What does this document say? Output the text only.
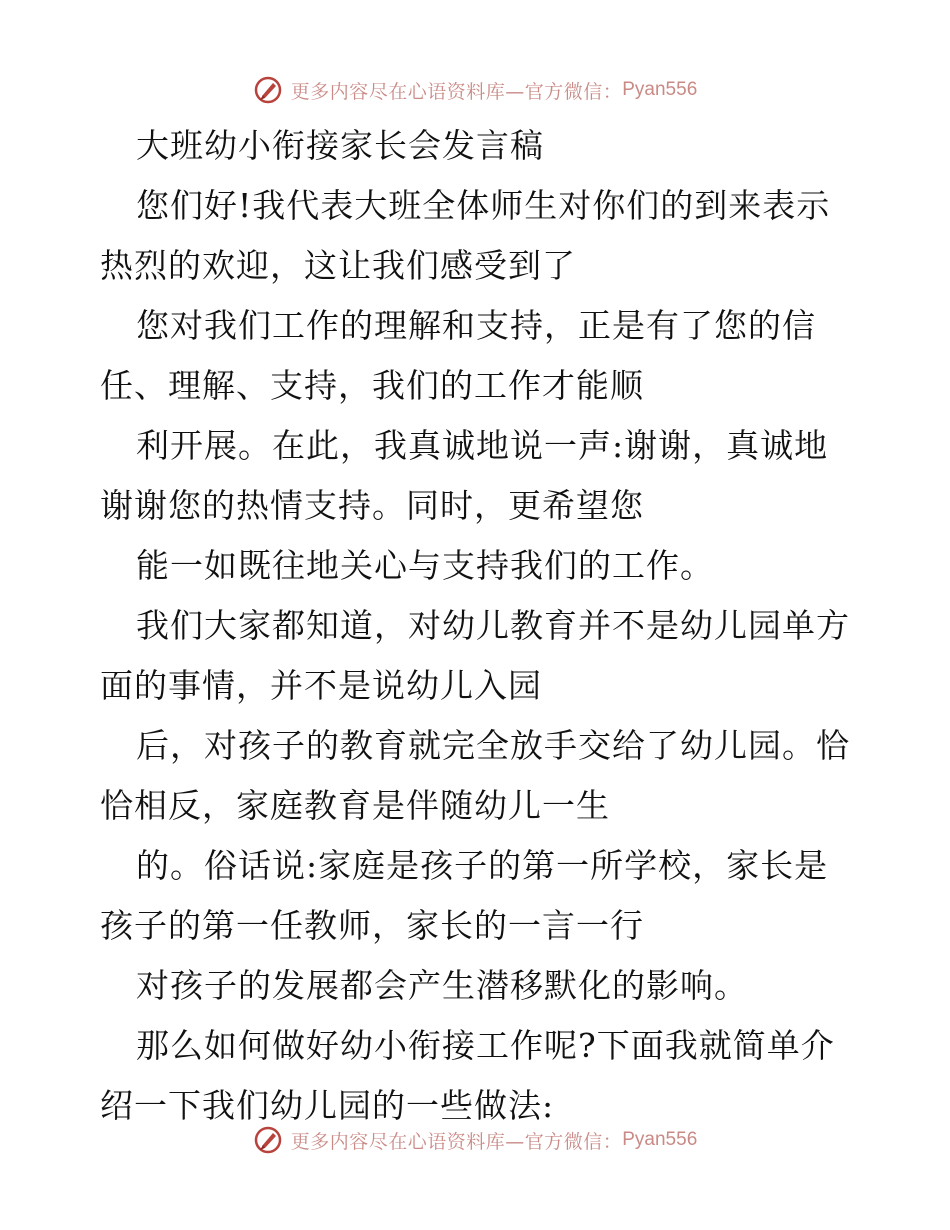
更多内容尽在心语资料库—官方微信： Pyan556
大班幼小衔接家长会发言稿
您们好!我代表大班全体师生对你们的到来表示
热烈的欢迎，这让我们感受到了
您对我们工作的理解和支持，正是有了您的信
任、理解、支持，我们的工作才能顺
利开展。在此，我真诚地说一声:谢谢，真诚地
谢谢您的热情支持。同时，更希望您
能一如既往地关心与支持我们的工作。
我们大家都知道，对幼儿教育并不是幼儿园单方
面的事情，并不是说幼儿入园
后，对孩子的教育就完全放手交给了幼儿园。恰
恰相反，家庭教育是伴随幼儿一生
的。俗话说:家庭是孩子的第一所学校，家长是
孩子的第一任教师，家长的一言一行
对孩子的发展都会产生潜移默化的影响。
那么如何做好幼小衔接工作呢?下面我就简单介
绍一下我们幼儿园的一些做法:
更多内容尽在心语资料库—官方微信： Pyan556
